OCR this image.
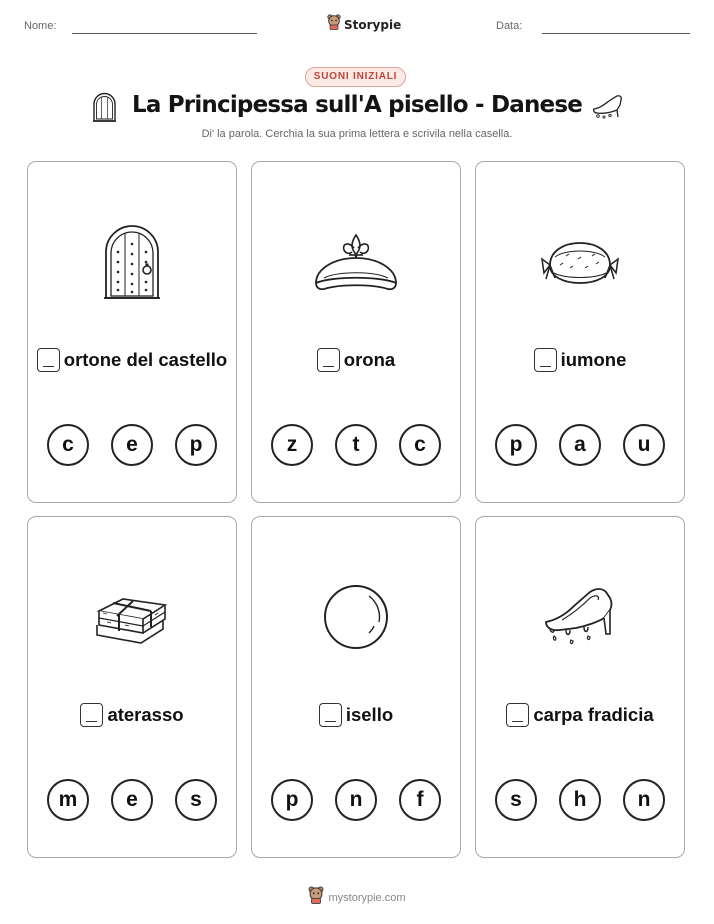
Nome:	Storypie	Data:
SUONI INIZIALI
La Principessa sull'A pisello - Danese
Di' la parola. Cerchia la sua prima lettera e scrivila nella casella.
ortone del castello
c	e	p
orona
z	t	c
iumone
p	a	u
aterasso
m	e	s
isello
p	n	f
carpa fradicia
s	h	n
mystorypie.com
